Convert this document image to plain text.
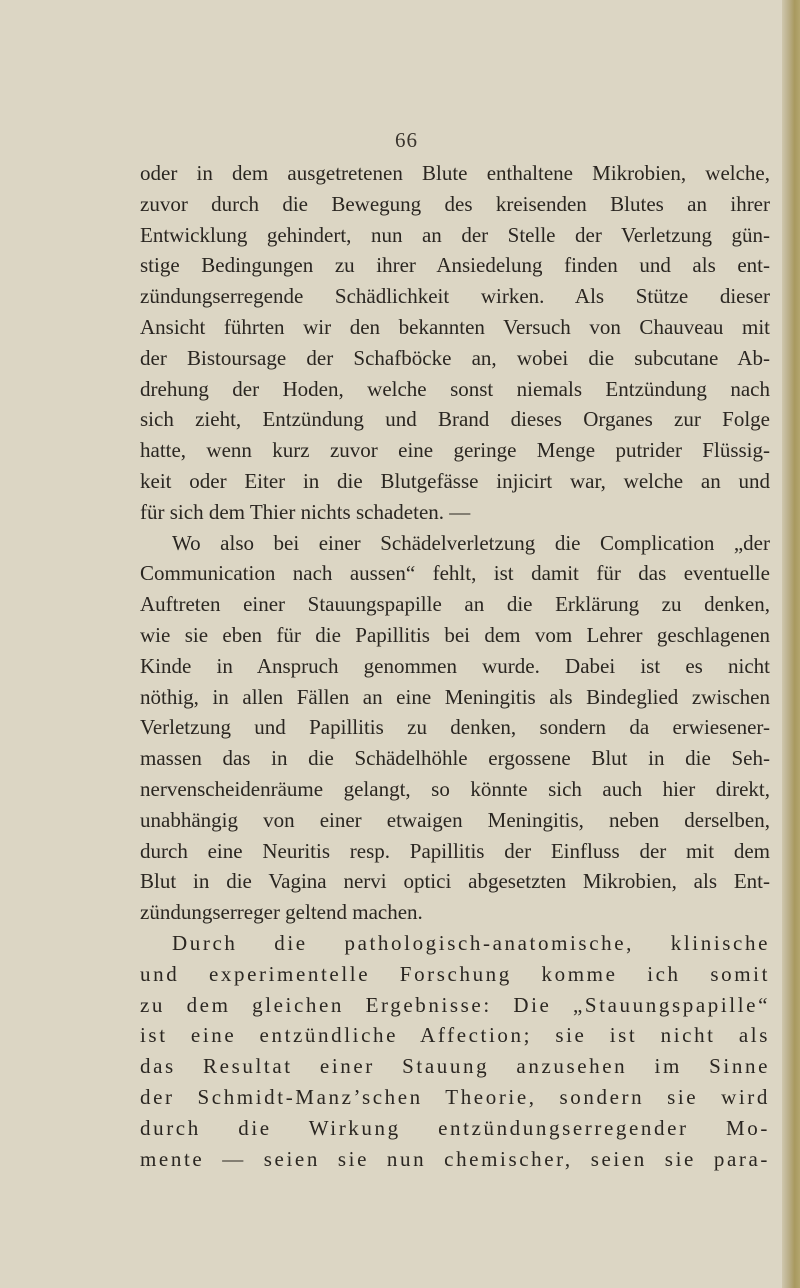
66
oder in dem ausgetretenen Blute enthaltene Mikrobien, welche,
zuvor durch die Bewegung des kreisenden Blutes an ihrer
Entwicklung gehindert, nun an der Stelle der Verletzung gün-
stige Bedingungen zu ihrer Ansiedelung finden und als ent-
zündungserregende Schädlichkeit wirken. Als Stütze dieser
Ansicht führten wir den bekannten Versuch von Chauveau mit
der Bistoursage der Schafböcke an, wobei die subcutane Ab-
drehung der Hoden, welche sonst niemals Entzündung nach
sich zieht, Entzündung und Brand dieses Organes zur Folge
hatte, wenn kurz zuvor eine geringe Menge putrider Flüssig-
keit oder Eiter in die Blutgefässe injicirt war, welche an und
für sich dem Thier nichts schadeten. —
Wo also bei einer Schädelverletzung die Complication „der
Communication nach aussen“ fehlt, ist damit für das eventuelle
Auftreten einer Stauungspapille an die Erklärung zu denken,
wie sie eben für die Papillitis bei dem vom Lehrer geschlagenen
Kinde in Anspruch genommen wurde. Dabei ist es nicht
nöthig, in allen Fällen an eine Meningitis als Bindeglied zwischen
Verletzung und Papillitis zu denken, sondern da erwiesener-
massen das in die Schädelhöhle ergossene Blut in die Seh-
nervenscheidenräume gelangt, so könnte sich auch hier direkt,
unabhängig von einer etwaigen Meningitis, neben derselben,
durch eine Neuritis resp. Papillitis der Einfluss der mit dem
Blut in die Vagina nervi optici abgesetzten Mikrobien, als Ent-
zündungserreger geltend machen.
Durch die pathologisch-anatomische, klinische
und experimentelle Forschung komme ich somit
zu dem gleichen Ergebnisse: Die „Stauungspapille“
ist eine entzündliche Affection; sie ist nicht als
das Resultat einer Stauung anzusehen im Sinne
der Schmidt-Manz’schen Theorie, sondern sie wird
durch die Wirkung entzündungserregender Mo-
mente — seien sie nun chemischer, seien sie para-
